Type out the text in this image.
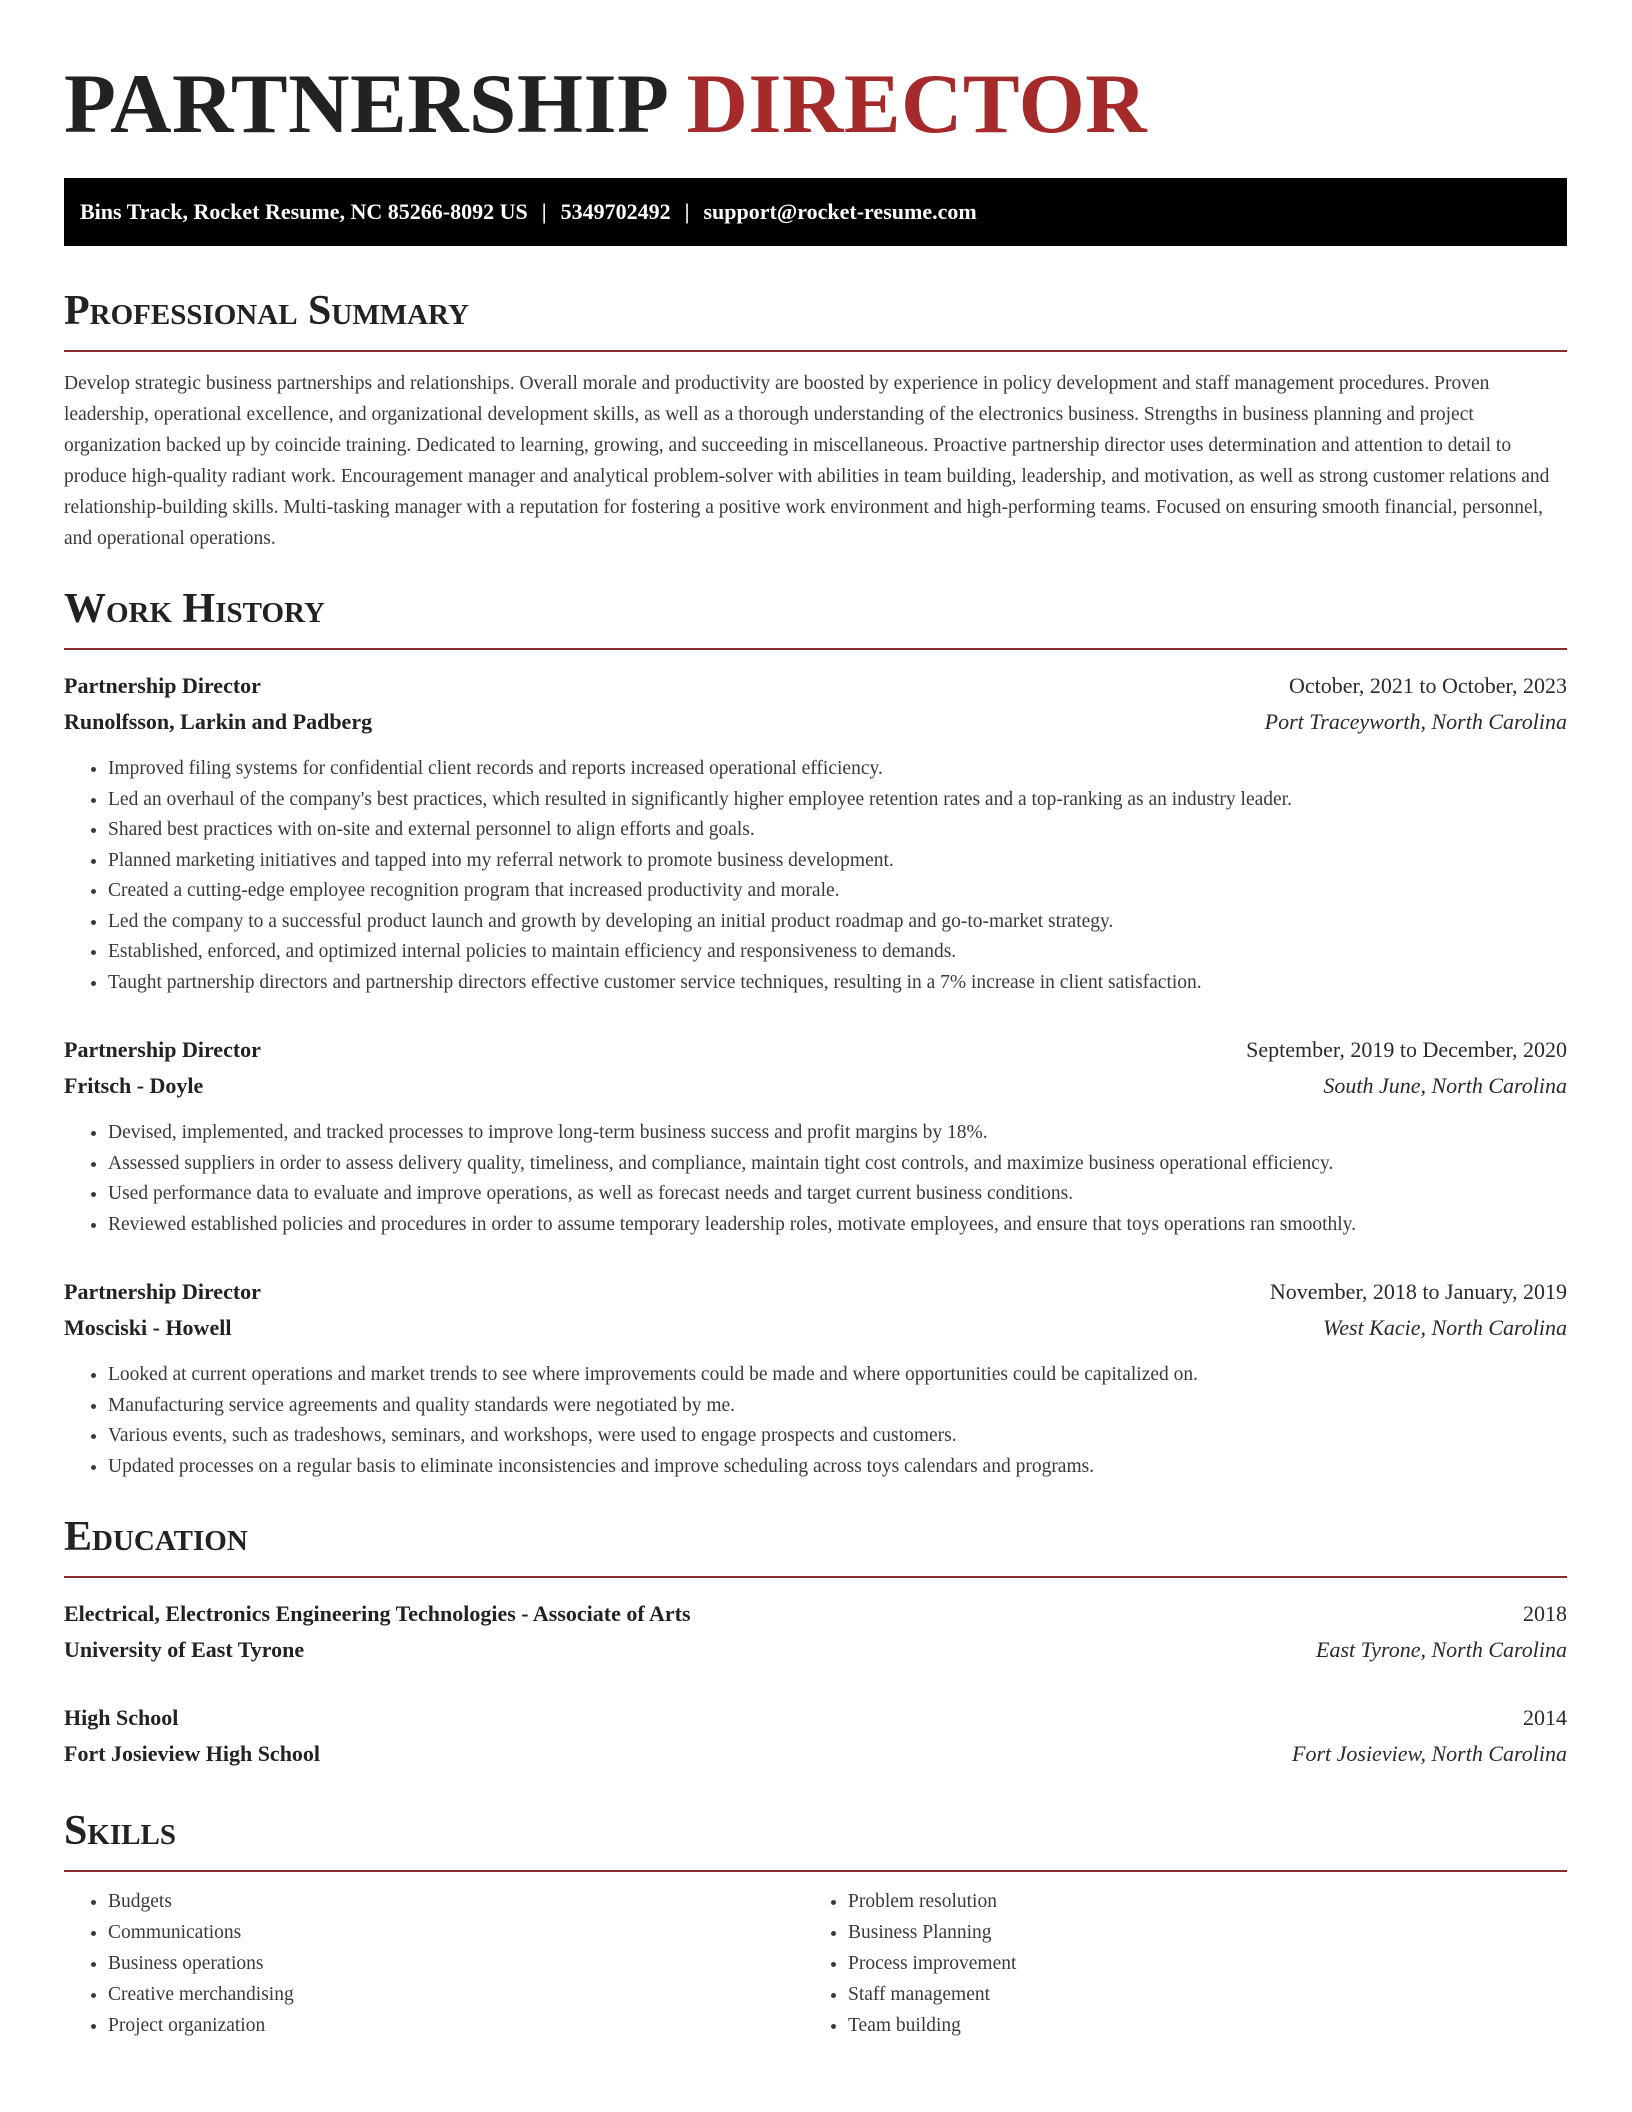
PARTNERSHIP DIRECTOR
Bins Track, Rocket Resume, NC 85266-8092 US | 5349702492 | support@rocket-resume.com
Professional Summary

Develop strategic business partnerships and relationships. Overall morale and productivity are boosted by experience in policy development and staff management procedures. Proven leadership, operational excellence, and organizational development skills, as well as a thorough understanding of the electronics business. Strengths in business planning and project organization backed up by coincide training. Dedicated to learning, growing, and succeeding in miscellaneous. Proactive partnership director uses determination and attention to detail to produce high-quality radiant work. Encouragement manager and analytical problem-solver with abilities in team building, leadership, and motivation, as well as strong customer relations and relationship-building skills. Multi-tasking manager with a reputation for fostering a positive work environment and high-performing teams. Focused on ensuring smooth financial, personnel, and operational operations.

Work History
Partnership Director	October, 2021 to October, 2023
Runolfsson, Larkin and Padberg	Port Traceyworth, North Carolina
• Improved filing systems for confidential client records and reports increased operational efficiency.
• Led an overhaul of the company's best practices, which resulted in significantly higher employee retention rates and a top-ranking as an industry leader.
• Shared best practices with on-site and external personnel to align efforts and goals.
• Planned marketing initiatives and tapped into my referral network to promote business development.
• Created a cutting-edge employee recognition program that increased productivity and morale.
• Led the company to a successful product launch and growth by developing an initial product roadmap and go-to-market strategy.
• Established, enforced, and optimized internal policies to maintain efficiency and responsiveness to demands.
• Taught partnership directors and partnership directors effective customer service techniques, resulting in a 7% increase in client satisfaction.
Partnership Director	September, 2019 to December, 2020
Fritsch - Doyle	South June, North Carolina
• Devised, implemented, and tracked processes to improve long-term business success and profit margins by 18%.
• Assessed suppliers in order to assess delivery quality, timeliness, and compliance, maintain tight cost controls, and maximize business operational efficiency.
• Used performance data to evaluate and improve operations, as well as forecast needs and target current business conditions.
• Reviewed established policies and procedures in order to assume temporary leadership roles, motivate employees, and ensure that toys operations ran smoothly.
Partnership Director	November, 2018 to January, 2019
Mosciski - Howell	West Kacie, North Carolina
• Looked at current operations and market trends to see where improvements could be made and where opportunities could be capitalized on.
• Manufacturing service agreements and quality standards were negotiated by me.
• Various events, such as tradeshows, seminars, and workshops, were used to engage prospects and customers.
• Updated processes on a regular basis to eliminate inconsistencies and improve scheduling across toys calendars and programs.
Education
Electrical, Electronics Engineering Technologies - Associate of Arts	2018
University of East Tyrone	East Tyrone, North Carolina
High School	2014
Fort Josieview High School	Fort Josieview, North Carolina
Skills
• Budgets
• Communications
• Business operations
• Creative merchandising
• Project organization
• Problem resolution
• Business Planning
• Process improvement
• Staff management
• Team building
